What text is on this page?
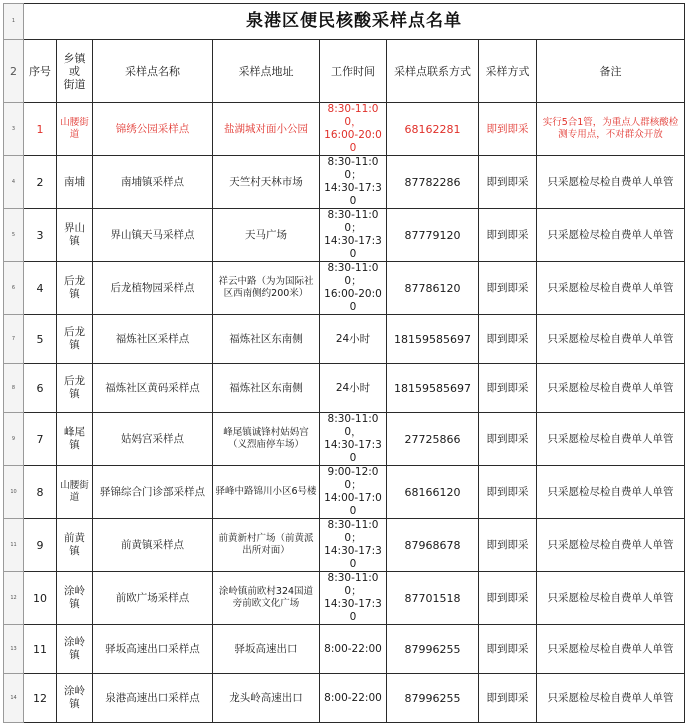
1	泉港区便民核酸采样点名单							
2	序号	乡镇或
街道	采样点名称	采样点地址	工作时间	采样点联系方式	采样方式	备注
3	1	山腰街道	锦绣公园采样点	盐湖城对面小公园	8:30-11:00，
16:00-20:00	68162281	即到即采	实行5合1管，为重点人群核酸检测专用点，不对群众开放
4	2	南埔	南埔镇采样点	天竺村天林市场	8:30-11:00；
14:30-17:30	87782286	即到即采	只采愿检尽检自费单人单管
5	3	界山镇	界山镇天马采样点	天马广场	8:30-11:00；
14:30-17:30	87779120	即到即采	只采愿检尽检自费单人单管
6	4	后龙镇	后龙植物园采样点	祥云中路（为为国际社区西南侧约200米）	8:30-11:00；
16:00-20:00	87786120	即到即采	只采愿检尽检自费单人单管
7	5	后龙镇	福炼社区采样点	福炼社区东南侧	24小时	18159585697	即到即采	只采愿检尽检自费单人单管
8	6	后龙镇	福炼社区黄码采样点	福炼社区东南侧	24小时	18159585697	即到即采	只采愿检尽检自费单人单管
9	7	峰尾镇	姑妈宫采样点	峰尾镇诚锋村姑妈宫（义烈庙停车场）	8:30-11:00，
14:30-17:30	27725866	即到即采	只采愿检尽检自费单人单管
10	8	山腰街道	驿锦综合门诊部采样点	驿峰中路锦川小区6号楼	9:00-12:00；
14:00-17:00	68166120	即到即采	只采愿检尽检自费单人单管
11	9	前黄镇	前黄镇采样点	前黄新村广场（前黄派出所对面）	8:30-11:00；
14:30-17:30	87968678	即到即采	只采愿检尽检自费单人单管
12	10	涂岭镇	前欧广场采样点	涂岭镇前欧村324国道旁前欧文化广场	8:30-11:00；
14:30-17:30	87701518	即到即采	只采愿检尽检自费单人单管
13	11	涂岭镇	驿坂高速出口采样点	驿坂高速出口	8:00-22:00	87996255	即到即采	只采愿检尽检自费单人单管
14	12	涂岭镇	泉港高速出口采样点	龙头岭高速出口	8:00-22:00	87996255	即到即采	只采愿检尽检自费单人单管
